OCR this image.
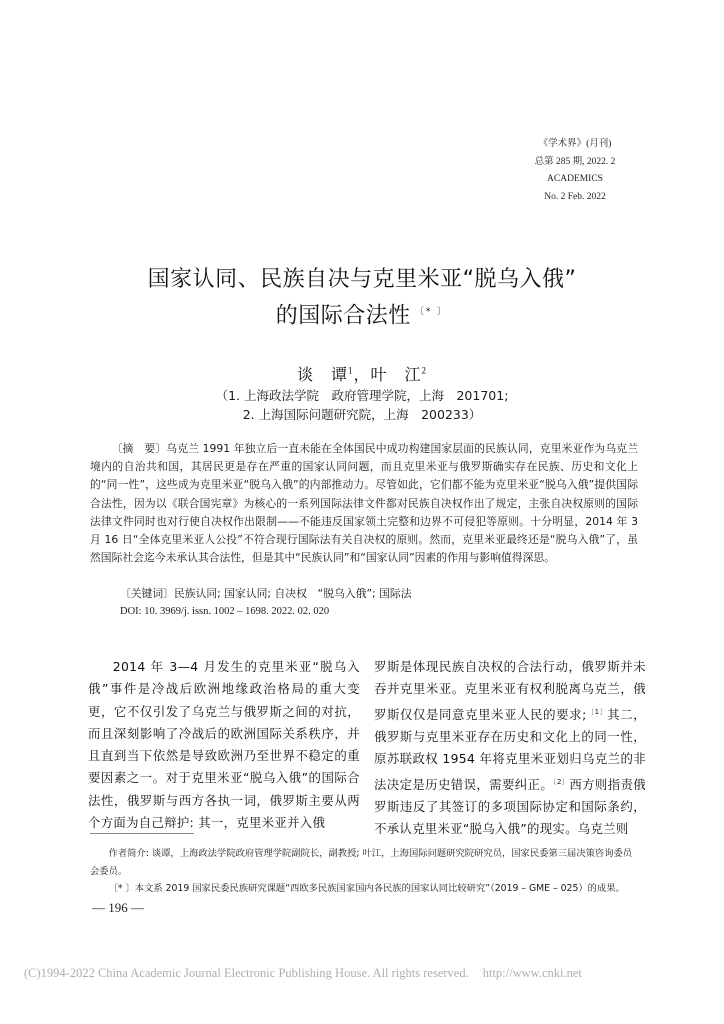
《学术界》(月刊)
总第 285 期, 2022. 2
ACADEMICS
No. 2 Feb. 2022
国家认同、民族自决与克里米亚“脱乌入俄”
的国际合法性 〔* 〕
谈　谭$^1$，叶　江$^2$
（1. 上海政法学院　政府管理学院，上海　201701;
2. 上海国际问题研究院，上海　200233）

〔摘　要〕乌克兰 1991 年独立后一直未能在全体国民中成功构建国家层面的民族认同，克里米亚作为乌克兰境内的自治共和国，其居民更是存在严重的国家认同问题，而且克里米亚与俄罗斯确实存在民族、历史和文化上的“同一性”，这些成为克里米亚“脱乌入俄”的内部推动力。尽管如此，它们都不能为克里米亚“脱乌入俄”提供国际合法性，因为以《联合国宪章》为核心的一系列国际法律文件都对民族自决权作出了规定，主张自决权原则的国际法律文件同时也对行使自决权作出限制——不能违反国家领土完整和边界不可侵犯等原则。十分明显，2014 年 3 月 16 日“全体克里米亚人公投”不符合现行国际法有关自决权的原则。然而，克里米亚最终还是“脱乌入俄”了，虽然国际社会迄今未承认其合法性，但是其中“民族认同”和“国家认同”因素的作用与影响值得深思。

〔关键词〕民族认同; 国家认同; 自决权　“脱乌入俄”; 国际法
DOI: 10. 3969/j. issn. 1002 – 1698. 2022. 02. 020

2014 年 3—4 月发生的克里米亚“脱乌入俄”事件是冷战后欧洲地缘政治格局的重大变更，它不仅引发了乌克兰与俄罗斯之间的对抗，而且深刻影响了冷战后的欧洲国际关系秩序，并且直到当下依然是导致欧洲乃至世界不稳定的重要因素之一。对于克里米亚“脱乌入俄”的国际合法性，俄罗斯与西方各执一词，俄罗斯主要从两个方面为自己辩护: 其一，克里米亚并入俄

罗斯是体现民族自决权的合法行动，俄罗斯并未吞并克里米亚。克里米亚有权利脱离乌克兰，俄罗斯仅仅是同意克里米亚人民的要求;$^{〔1〕}$其二，俄罗斯与克里米亚存在历史和文化上的同一性，原苏联政权 1954 年将克里米亚划归乌克兰的非法决定是历史错误，需要纠正。$^{〔2〕}$西方则指责俄罗斯违反了其签订的多项国际协定和国际条约，不承认克里米亚“脱乌入俄”的现实。乌克兰则

作者简介: 谈谭，上海政法学院政府管理学院副院长，副教授; 叶江，上海国际问题研究院研究员，国家民委第三届决策咨询委员会委员。

〔* 〕本文系 2019 国家民委民族研究课题“西欧多民族国家国内各民族的国家认同比较研究”（2019 – GME – 025）的成果。

— 196 —
(C)1994-2022 China Academic Journal Electronic Publishing House. All rights reserved. http://www.cnki.net
